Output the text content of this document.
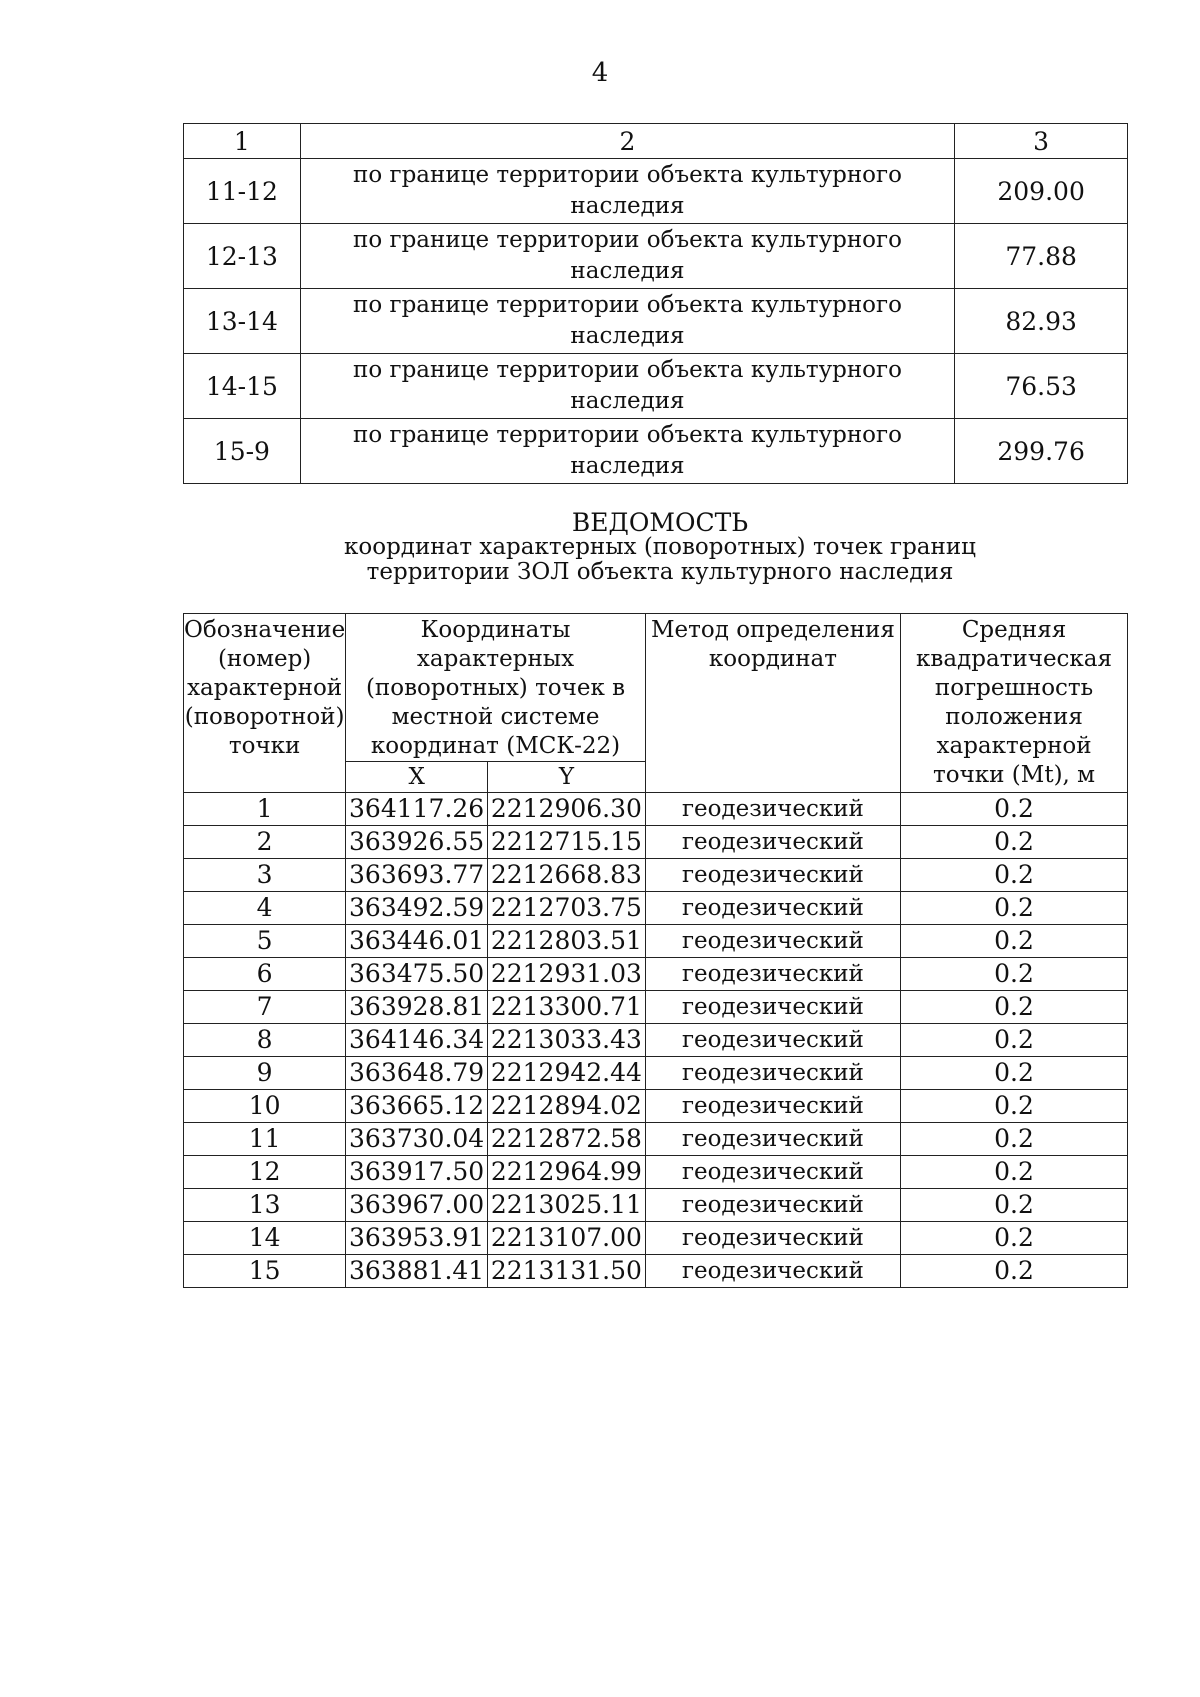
4
1	2	3
11-12	по границе территории объекта культурного наследия	209.00
12-13	по границе территории объекта культурного наследия	77.88
13-14	по границе территории объекта культурного наследия	82.93
14-15	по границе территории объекта культурного наследия	76.53
15-9	по границе территории объекта культурного наследия	299.76
ВЕДОМОСТЬ
координат характерных (поворотных) точек границ
территории ЗОЛ объекта культурного наследия
Обозначение (номер) характерной (поворотной) точки	Координаты характерных (поворотных) точек в местной системе координат (МСК-22)		Метод определения координат	Средняя квадратическая погрешность положения характерной точки (Mt), м
	X	Y		
1	364117.26	2212906.30	геодезический	0.2
2	363926.55	2212715.15	геодезический	0.2
3	363693.77	2212668.83	геодезический	0.2
4	363492.59	2212703.75	геодезический	0.2
5	363446.01	2212803.51	геодезический	0.2
6	363475.50	2212931.03	геодезический	0.2
7	363928.81	2213300.71	геодезический	0.2
8	364146.34	2213033.43	геодезический	0.2
9	363648.79	2212942.44	геодезический	0.2
10	363665.12	2212894.02	геодезический	0.2
11	363730.04	2212872.58	геодезический	0.2
12	363917.50	2212964.99	геодезический	0.2
13	363967.00	2213025.11	геодезический	0.2
14	363953.91	2213107.00	геодезический	0.2
15	363881.41	2213131.50	геодезический	0.2
